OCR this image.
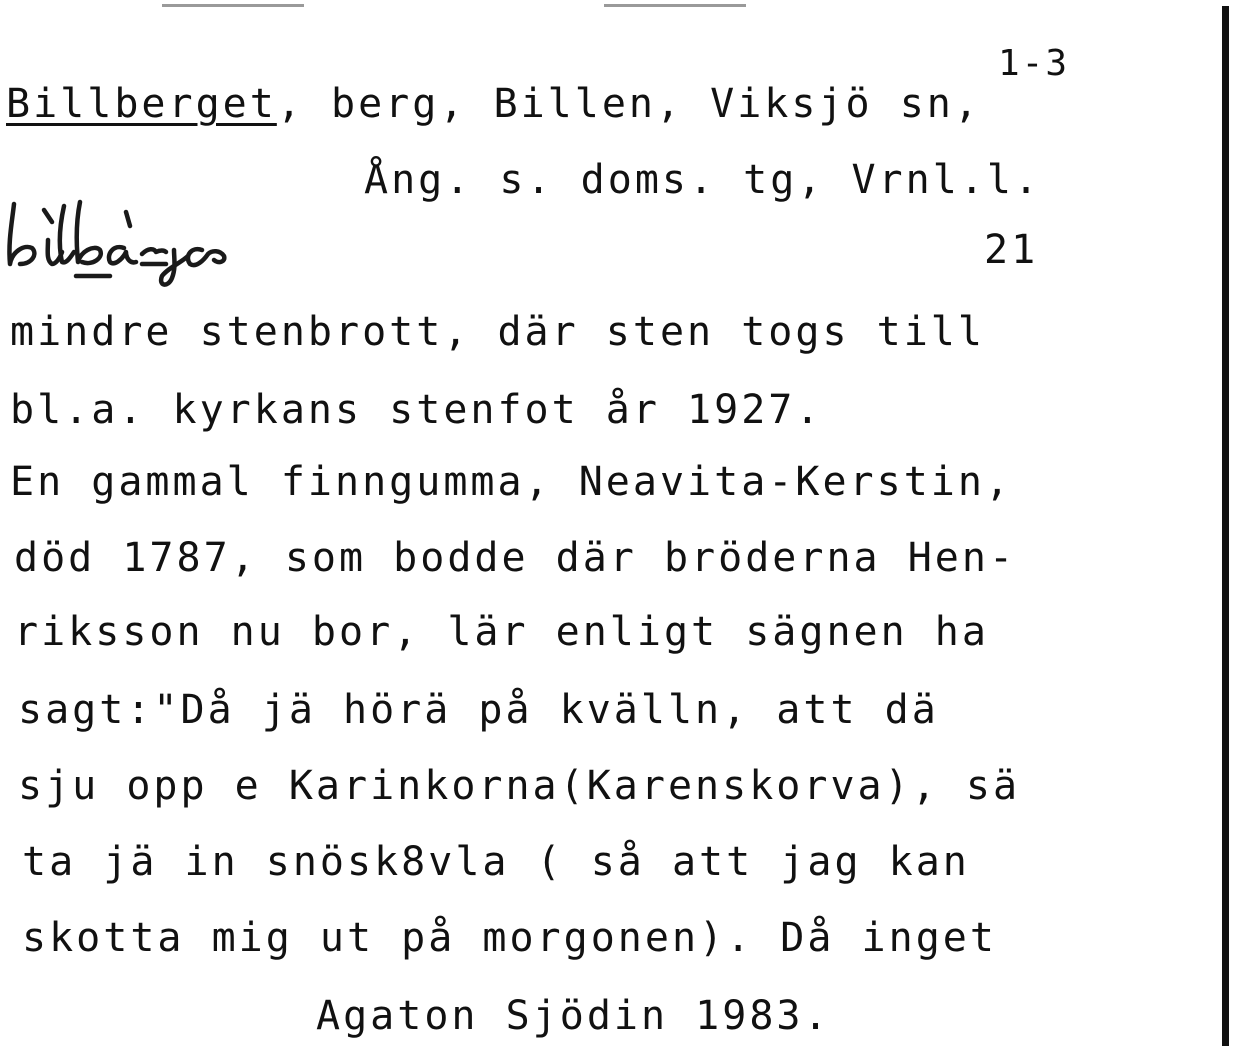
1-3
Billberget, berg, Billen, Viksjö sn,
Ång. s. doms. tg, Vrnl.l.
21
mindre stenbrott, där sten togs till
bl.a. kyrkans stenfot år 1927.
En gammal finngumma, Neavita-Kerstin,
död 1787, som bodde där bröderna Hen-
riksson nu bor, lär enligt sägnen ha
sagt:"Då jä hörä på kvälln, att dä
sju opp e Karinkorna(Karenskorva), sä
ta jä in snösk8vla ( så att jag kan
skotta mig ut på morgonen). Då inget
Agaton Sjödin 1983.
